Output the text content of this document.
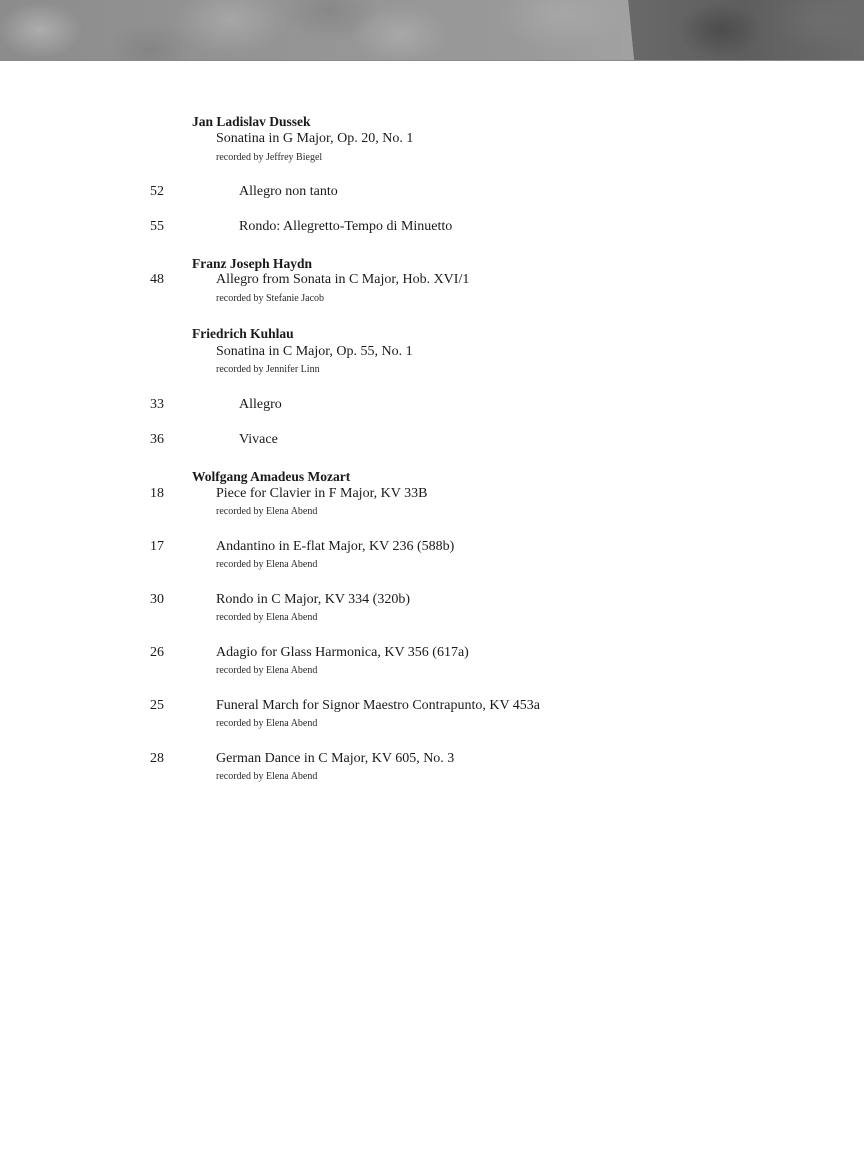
Jan Ladislav Dussek
Sonatina in G Major, Op. 20, No. 1
recorded by Jeffrey Biegel
52	Allegro non tanto
55	Rondo: Allegretto-Tempo di Minuetto
Franz Joseph Haydn
48	Allegro from Sonata in C Major, Hob. XVI/1
recorded by Stefanie Jacob
Friedrich Kuhlau
Sonatina in C Major, Op. 55, No. 1
recorded by Jennifer Linn
33	Allegro
36	Vivace
Wolfgang Amadeus Mozart
18	Piece for Clavier in F Major, KV 33B
recorded by Elena Abend
17	Andantino in E-flat Major, KV 236 (588b)
recorded by Elena Abend
30	Rondo in C Major, KV 334 (320b)
recorded by Elena Abend
26	Adagio for Glass Harmonica, KV 356 (617a)
recorded by Elena Abend
25	Funeral March for Signor Maestro Contrapunto, KV 453a
recorded by Elena Abend
28	German Dance in C Major, KV 605, No. 3
recorded by Elena Abend
